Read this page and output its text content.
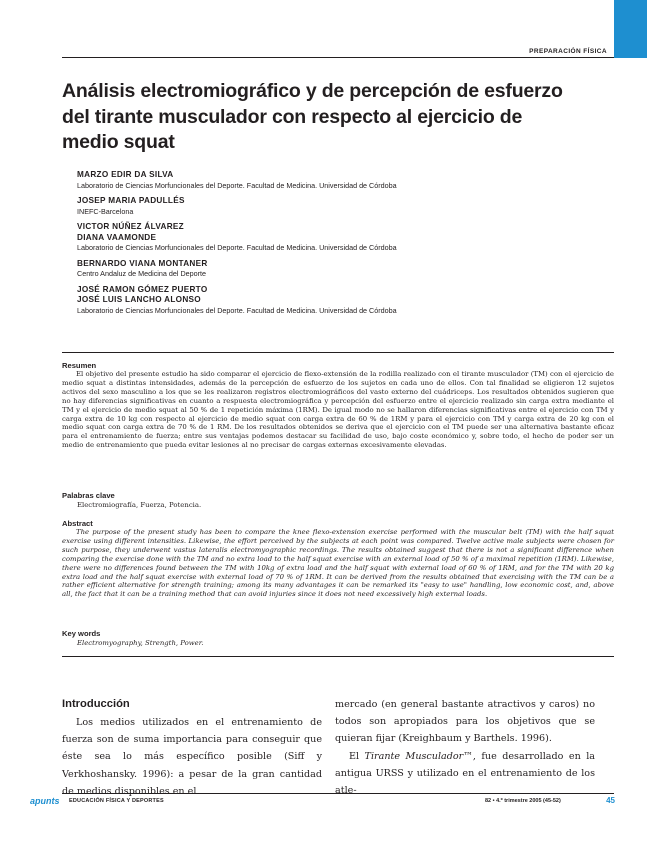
PREPARACIÓN FÍSICA
Análisis electromiográfico y de percepción de esfuerzo del tirante musculador con respecto al ejercicio de medio squat
MARZO EDIR DA SILVA
Laboratorio de Ciencias Morfuncionales del Deporte. Facultad de Medicina. Universidad de Córdoba
JOSEP MARIA PADULLÉS
INEFC-Barcelona
VICTOR NÚÑEZ ÁLVAREZ
DIANA VAAMONDE
Laboratorio de Ciencias Morfuncionales del Deporte. Facultad de Medicina. Universidad de Córdoba
BERNARDO VIANA MONTANER
Centro Andaluz de Medicina del Deporte
JOSÉ RAMON GÓMEZ PUERTO
JOSÉ LUIS LANCHO ALONSO
Laboratorio de Ciencias Morfuncionales del Deporte. Facultad de Medicina. Universidad de Córdoba
Resumen

El objetivo del presente estudio ha sido comparar el ejercicio de flexo-extensión de la rodilla realizado con el tirante musculador (TM) con el ejercicio de medio squat a distintas intensidades, además de la percepción de esfuerzo de los sujetos en cada uno de ellos. Con tal finalidad se eligieron 12 sujetos activos del sexo masculino a los que se les realizaron registros electromiográficos del vasto externo del cuádriceps. Los resultados obtenidos sugieren que no hay diferencias significativas en cuanto a respuesta electromiográfica y percepción del esfuerzo entre el ejercicio realizado sin carga extra mediante el TM y el ejercicio de medio squat al 50 % de 1 repetición máxima (1RM). De igual modo no se hallaron diferencias significativas entre el ejercicio con TM y carga extra de 10 kg con respecto al ejercicio de medio squat con carga extra de 60 % de 1RM y para el ejercicio con TM y carga extra de 20 kg con el medio squat con carga extra de 70 % de 1 RM. De los resultados obtenidos se deriva que el ejercicio con el TM puede ser una alternativa bastante eficaz para el entrenamiento de fuerza; entre sus ventajas podemos destacar su facilidad de uso, bajo coste económico y, sobre todo, el hecho de poder ser un medio de entrenamiento que pueda evitar lesiones al no precisar de cargas externas excesivamente elevadas.

Palabras clave
Electromiografía, Fuerza, Potencia.
Abstract

The purpose of the present study has been to compare the knee flexo-extension exercise performed with the muscular belt (TM) with the half squat exercise using different intensities. Likewise, the effort perceived by the subjects at each point was compared. Twelve active male subjects were chosen for such purpose, they underwent vastus lateralis electromyographic recordings. The results obtained suggest that there is not a significant difference when comparing the exercise done with the TM and no extra load to the half squat exercise with an external load of 50 % of a maximal repetition (1RM). Likewise, there were no differences found between the TM with 10kg of extra load and the half squat with external load of 60 % of 1RM, and for the TM with 20 kg extra load and the half squat exercise with external load of 70 % of 1RM. It can be derived from the results obtained that exercising with the TM can be a rather efficient alternative for strength training; among its many advantages it can be remarked its "easy to use" handling, low economic cost, and, above all, the fact that it can be a training method that can avoid injuries since it does not need excessively high external loads.

Key words
Electromyography, Strength, Power.
Introducción

Los medios utilizados en el entrenamiento de fuerza son de suma importancia para conseguir que éste sea lo más específico posible (Siff y Verkhoshansky. 1996): a pesar de la gran cantidad de medios disponibles en el

mercado (en general bastante atractivos y caros) no todos son apropiados para los objetivos que se quieran fijar (Kreighbaum y Barthels. 1996).

El Tirante Musculador™, fue desarrollado en la antigua URSS y utilizado en el entrenamiento de los atle-

apunts EDUCACIÓN FÍSICA Y DEPORTES	82 • 4.º trimestre 2005 (45-52)	45
